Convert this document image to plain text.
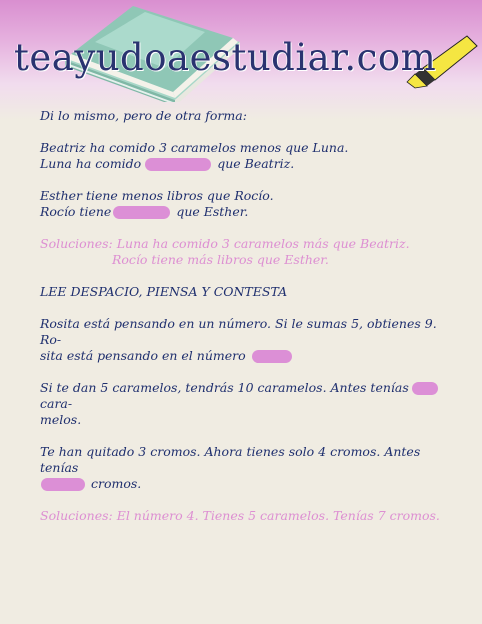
teayudoaestudiar.com

Di lo mismo, pero de otra forma:

Beatriz ha comido 3 caramelos menos que Luna.

Luna ha comido	que Beatriz.

Esther tiene menos libros que Rocío.

Rocío tiene	que Esther.

Soluciones: Luna ha comido 3 caramelos más que Beatriz.

Rocío tiene más libros que Esther.

LEE DESPACIO, PIENSA Y CONTESTA

Rosita está pensando en un número. Si le sumas 5, obtienes 9. Ro-

sita está pensando en el número

Si te dan 5 caramelos, tendrás 10 caramelos. Antes teníascara-

melos.

Te han quitado 3 cromos. Ahora tienes solo 4 cromos. Antes tenías

cromos.

Soluciones: El número 4. Tienes 5 caramelos. Tenías 7 cromos.
